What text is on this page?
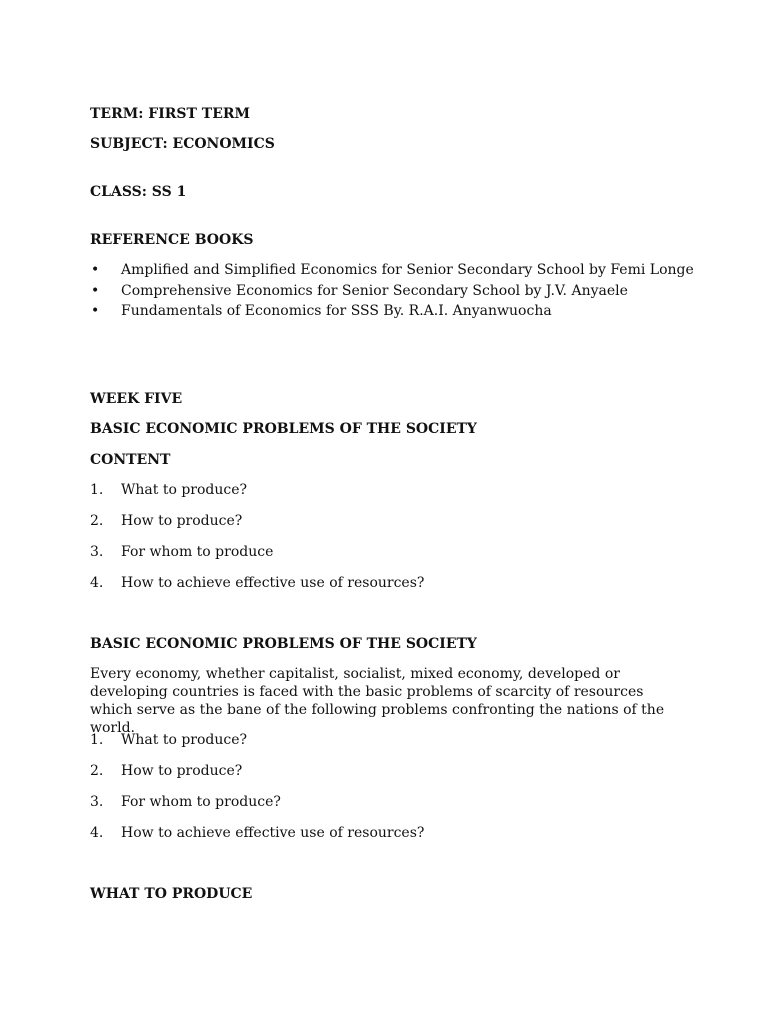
TERM: FIRST TERM
SUBJECT: ECONOMICS
CLASS: SS 1
REFERENCE BOOKS
•	Amplified and Simplified Economics for Senior Secondary School by Femi Longe
•	Comprehensive Economics for Senior Secondary School by J.V. Anyaele
•	Fundamentals of Economics for SSS By. R.A.I. Anyanwuocha
WEEK FIVE
BASIC ECONOMIC PROBLEMS OF THE SOCIETY
CONTENT
1.	What to produce?
2.	How to produce?
3.	For whom to produce
4.	How to achieve effective use of resources?
BASIC ECONOMIC PROBLEMS OF THE SOCIETY
Every economy, whether capitalist, socialist, mixed economy, developed or developing countries is faced with the basic problems of scarcity of resources which serve as the bane of the following problems confronting the nations of the world.
1.	What to produce?
2.	How to produce?
3.	For whom to produce?
4.	How to achieve effective use of resources?
WHAT TO PRODUCE
